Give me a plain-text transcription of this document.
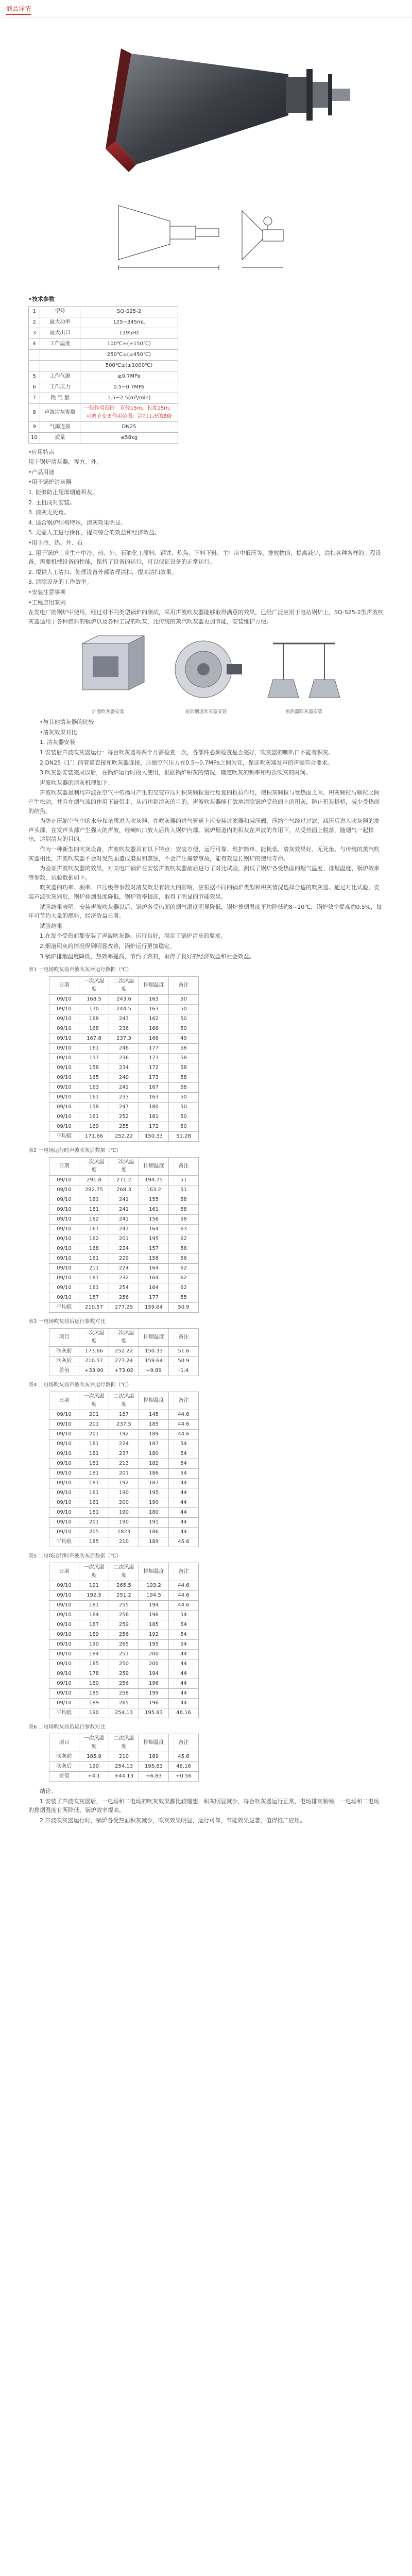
商品详情
•技术参数
1	型号	SQ-S25-2
2	最大功率	125~345mL
3	最大出口	1195Hz
4	工作温度	100℃±(±150℃)
		250℃±(±450℃)
		500℃±(±1000℃)
5	工作气源	≥0.7MPa
6	工作压力	0.5~0.7MPa
7	耗 气 量	1.5~2.5(m³/min)
8	声波清灰参数	一般作用范围：直径15m，长度15m，可调节变更作用范围：清扫工况的8倍
9	气源连接	DN25
10	质量	≤58kg
•应用特点
用于锅炉清灰器，等方、外，
•产品用途
•用于锅炉清灰器
1. 能够防止尾部烟道积灰。
2. 主机成对安装。
3. 清灰无死角。
4. 适合锅炉结构特殊，清灰效果明显。
5. 无需人工进行操作，提高综合的效益和经济效益。
•用于冷、热、外、石
1. 用于锅炉工业生产中冷、热、外、石油化工原料、钢铁、炼焦、下料下料、主厂房中低压等、排放物的，提高减少，清扫各种各样的工程设备，需要机械设备的性能，保持了设备的运行，可以保证设备的正常运行。
2. 提供人工清扫，处理设备外部清理清扫，提高清扫效果。
3. 清除设备的工作效率。
•安装注意事项
•工程应用案例
在发电厂的锅炉中使用，经过对不同类型锅炉的测试，采用声波吹灰器能够取得满意的效果，已经广泛应用于电站锅炉上，SQ-S25-2型声波吹灰器适用于各种燃料的锅炉以及各种工况的吹灰，比传统的蒸汽吹灰器更加节能，安装维护方便。
炉膛吹灰器安装	尾部烟道吹灰器安装	预热器吹灰器安装
•与其他清灰器的比较
•清灰效果对比
1. 清灰器安装
1.安装后声波吹灰器运行：每台吹灰器每两个月需检查一次，各部件必须检查是否完好，吹灰器的喇叭口不能有积灰。
2.DN25（1″）的管道直接和吹灰器连接，压缩空气压力在0.5~0.7MPa之间为宜，保证吹灰器发声的声强符合要求。
3.吹灰器安装完成以后，在锅炉运行时投入使用，根据锅炉积灰的情况，确定吹灰的频率和每次吹灰的时间。
声波吹灰器的清灰机理如下：
声波吹灰器是利用声波在空气中传播时产生的交变声压对积灰颗粒进行反复的推拉作用，使积灰颗粒与受热面之间、积灰颗粒与颗粒之间产生松动，并且在烟气流的作用下被带走，从而达到清灰的目的。声波吹灰器能有效地清除锅炉受热面上的积灰，防止积灰搭桥，减少受热面的结焦。
为防止压缩空气中的水分和杂质进入吹灰器，在吹灰器的进气管道上应安装过滤器和减压阀，压缩空气经过过滤、减压后进入吹灰器的发声头部，在发声头部产生强大的声波，经喇叭口放大后传入锅炉内部。锅炉烟道内的积灰在声波的作用下，从受热面上脱落，随烟气一起排出，达到清灰的目的。
作为一种新型的吹灰设备，声波吹灰器具有以下特点：安装方便、运行可靠、维护简单、能耗低、清灰效果好、无死角。与传统的蒸汽吹灰器相比，声波吹灰器不会对受热面造成磨损和腐蚀，不会产生爆管事故，能有效延长锅炉的使用寿命。
为验证声波吹灰器的效果，对某电厂锅炉在安装声波吹灰器前后进行了对比试验，测试了锅炉各受热面的烟气温度、排烟温度、锅炉效率等参数，试验数据如下。
吹灰器的功率、频率、声压级等参数对清灰效果有较大的影响，应根据不同的锅炉类型和积灰情况选择合适的吹灰器。通过对比试验，安装声波吹灰器后，锅炉排烟温度降低，锅炉效率提高，取得了明显的节能效果。
试验结果表明：安装声波吹灰器以后，锅炉各受热面的烟气温度明显降低，锅炉排烟温度平均降低约8~10℃，锅炉效率提高约0.5%，每年可节约大量的燃料，经济效益显著。
试验结果
1.在每个受热面都安装了声波吹灰器，运行良好，满足了锅炉清灰的要求。
2.烟道积灰的情况得到明显改善，锅炉运行更加稳定。
3.锅炉排烟温度降低，热效率提高，节约了燃料，取得了良好的经济效益和社会效益。
表1 一电场吹灰前声波吹灰器运行数据（℃）
日期	一次风温度	二次风温度	排烟温度	备注
09/10	168.5	243.6	163	50
09/10	170	244.5	163	50
09/10	168	243	162	50
09/10	168	236	166	50
09/10	167.8	237.3	166	49
09/10	161	246	177	58
09/10	157	236	173	58
09/10	158	234	172	58
09/10	165	240	173	58
09/10	163	241	167	58
09/10	161	233	163	50
09/10	158	247	180	50
09/10	161	252	181	50
09/10	169	255	172	50
平均值	171.66	252.22	150.33	51.28
表2 一电场运行时声波吹灰后数据（℃）
日期	一次风温度	二次风温度	排烟温度	备注
09/10	291.8	271.2	194.75	51
09/10	292.75	268.3	163.2	51
09/10	181	241	155	58
09/10	181	241	161	58
09/10	162	241	156	58
09/10	161	241	164	63
09/10	162	201	195	62
09/10	168	224	157	56
09/10	161	229	158	56
09/10	211	224	164	62
09/10	181	232	164	62
09/10	161	254	164	62
09/10	157	256	177	55
平均值	210.57	277.29	159.64	50.9
表3 一电场吹灰前后运行参数对比
项目	一次风温度	二次风温度	排烟温度	备注
吹灰前	173.66	252.22	150.33	51.6
吹灰后	210.57	277.24	159.64	50.9
差值	+33.90	+73.02	+9.89	-1.4
表4 二电场吹灰前声波吹灰器运行数据（℃）
日期	一次风温度	二次风温度	排烟温度	备注
09/10	201	187	145	44.6
09/10	201	237.5	185	44.6
09/10	201	192	189	44.6
09/10	181	224	187	54
09/10	181	237	180	54
09/10	181	213	182	54
09/10	181	201	186	54
09/10	181	192	187	44
09/10	161	190	195	44
09/10	161	200	190	44
09/10	181	190	180	44
09/10	201	190	191	44
09/10	205	1823	186	44
平均值	185	210	189	45.6
表5 二电场运行时声波吹灰后数据（℃）
日期	一次风温度	二次风温度	排烟温度	备注
09/10	191	265.5	193.2	44.6
09/10	192.5	251.2	194.5	44.6
09/10	181	255	194	44.6
09/10	184	256	196	54
09/10	187	259	185	54
09/10	189	256	192	54
09/10	190	265	195	54
09/10	184	251	200	44
09/10	185	250	200	44
09/10	178	259	194	44
09/10	180	256	196	44
09/10	185	258	199	44
09/10	189	265	196	44
平均值	190	254.13	195.83	46.16
表6 二电场吹灰前后运行参数对比
项目	一次风温度	二次风温度	排烟温度	备注
吹灰前	185.9	210	189	45.6
吹灰后	190	254.13	195.83	46.16
差值	+4.1	+44.13	+6.83	+0.56
结论：
1.安装了声波吹灰器后，一电场和二电场的吹灰效果都比较理想，积灰明显减少，每台吹灰器运行正常，电场排灰顺畅，一电场和二电场的排烟温度有所降低，锅炉效率提高。
2.声波吹灰器运行时，锅炉各受热面积灰减少，吹灰效果明显，运行可靠，节能效果显著，值得推广应用。
